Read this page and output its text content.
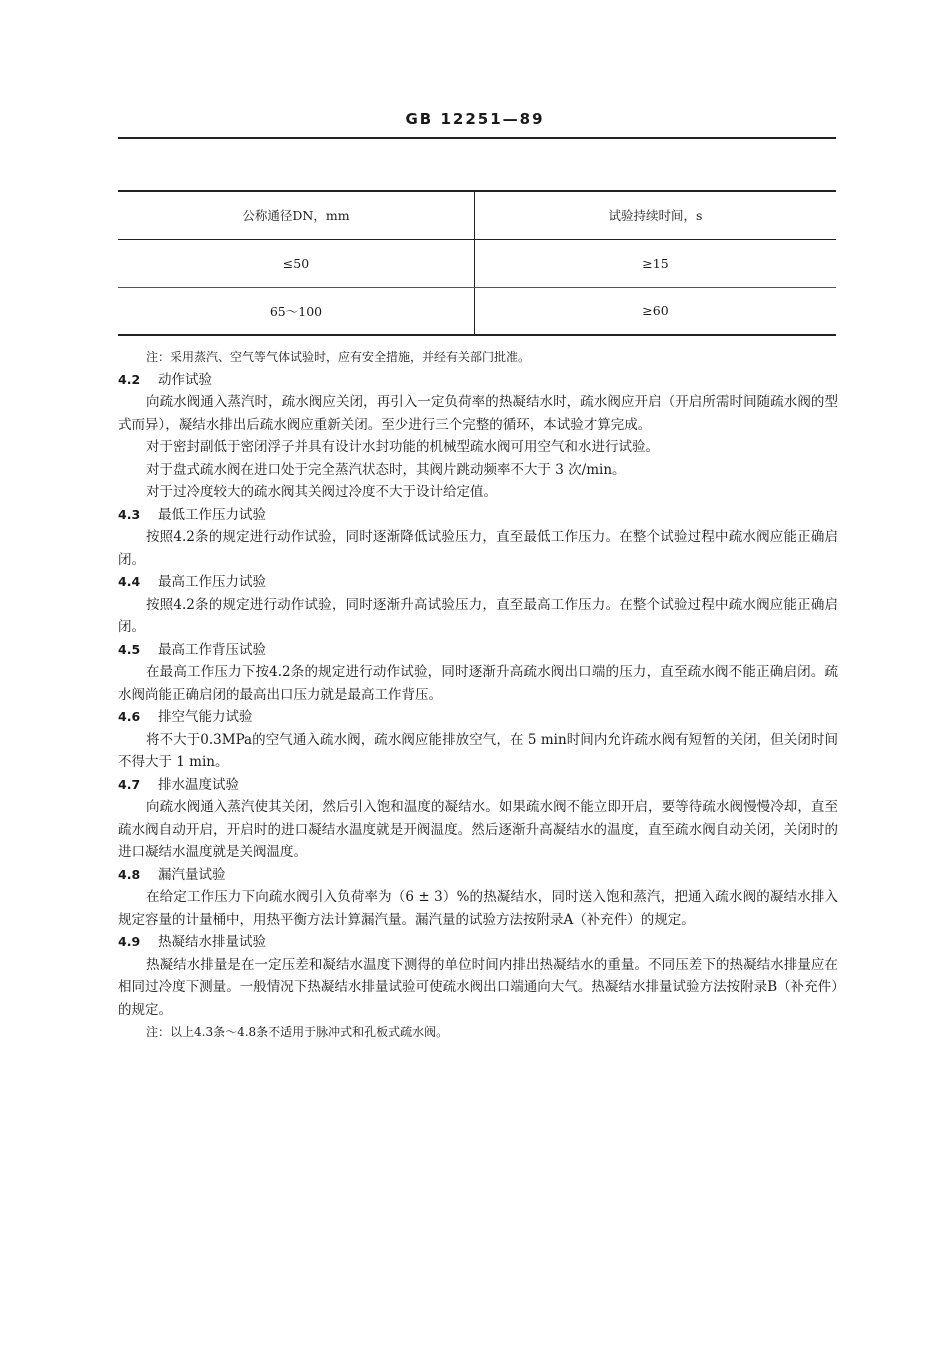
GB 12251—89
公称通径DN，mm	试验持续时间，s
≤50	≥15
65～100	≥60
注：采用蒸汽、空气等气体试验时，应有安全措施，并经有关部门批准。
4.2 动作试验

向疏水阀通入蒸汽时，疏水阀应关闭，再引入一定负荷率的热凝结水时，疏水阀应开启（开启所需时间随疏水阀的型式而异），凝结水排出后疏水阀应重新关闭。至少进行三个完整的循环，本试验才算完成。

对于密封副低于密闭浮子并具有设计水封功能的机械型疏水阀可用空气和水进行试验。

对于盘式疏水阀在进口处于完全蒸汽状态时，其阀片跳动频率不大于 3 次/min。

对于过冷度较大的疏水阀其关阀过冷度不大于设计给定值。

4.3 最低工作压力试验

按照4.2条的规定进行动作试验，同时逐渐降低试验压力，直至最低工作压力。在整个试验过程中疏水阀应能正确启闭。

4.4 最高工作压力试验

按照4.2条的规定进行动作试验，同时逐渐升高试验压力，直至最高工作压力。在整个试验过程中疏水阀应能正确启闭。

4.5 最高工作背压试验

在最高工作压力下按4.2条的规定进行动作试验，同时逐渐升高疏水阀出口端的压力，直至疏水阀不能正确启闭。疏水阀尚能正确启闭的最高出口压力就是最高工作背压。

4.6 排空气能力试验

将不大于0.3MPa的空气通入疏水阀，疏水阀应能排放空气，在 5 min时间内允许疏水阀有短暂的关闭，但关闭时间不得大于 1 min。

4.7 排水温度试验

向疏水阀通入蒸汽使其关闭，然后引入饱和温度的凝结水。如果疏水阀不能立即开启，要等待疏水阀慢慢冷却，直至疏水阀自动开启，开启时的进口凝结水温度就是开阀温度。然后逐渐升高凝结水的温度，直至疏水阀自动关闭，关闭时的进口凝结水温度就是关阀温度。

4.8 漏汽量试验

在给定工作压力下向疏水阀引入负荷率为（6 ± 3）%的热凝结水，同时送入饱和蒸汽，把通入疏水阀的凝结水排入规定容量的计量桶中，用热平衡方法计算漏汽量。漏汽量的试验方法按附录A（补充件）的规定。

4.9 热凝结水排量试验

热凝结水排量是在一定压差和凝结水温度下测得的单位时间内排出热凝结水的重量。不同压差下的热凝结水排量应在相同过冷度下测量。一般情况下热凝结水排量试验可使疏水阀出口端通向大气。热凝结水排量试验方法按附录B（补充件）的规定。

注：以上4.3条～4.8条不适用于脉冲式和孔板式疏水阀。
